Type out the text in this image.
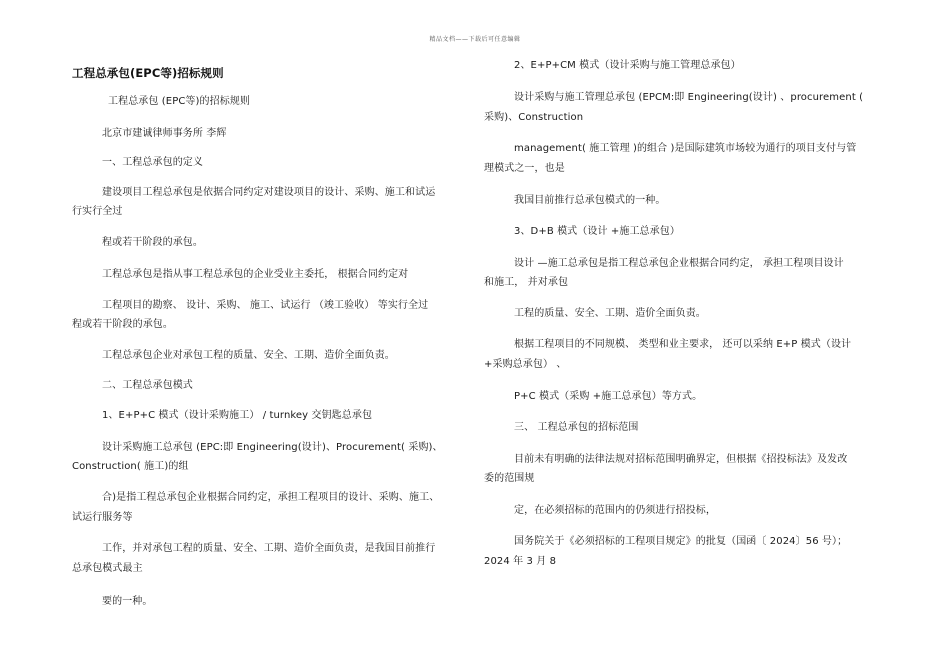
精品文档——下载后可任意编辑
工程总承包(EPC等)招标规则
工程总承包 (EPC等)的招标规则
北京市建诚律师事务所 李辉
一、工程总承包的定义
建设项目工程总承包是依据合同约定对建设项目的设计、采购、施工和试运
行实行全过
程或若干阶段的承包。
工程总承包是指从事工程总承包的企业受业主委托， 根据合同约定对
工程项目的勘察、 设计、采购、 施工、试运行 （竣工验收） 等实行全过
程或若干阶段的承包。
工程总承包企业对承包工程的质量、安全、工期、造价全面负责。
二、工程总承包模式
1、E+P+C 模式（设计采购施工） / turnkey 交钥匙总承包
设计采购施工总承包 (EPC:即 Engineering(设计)、Procurement( 采购)、
Construction( 施工)的组
合)是指工程总承包企业根据合同约定，承担工程项目的设计、采购、施工、
试运行服务等
工作，并对承包工程的质量、安全、工期、造价全面负责，是我国目前推行
总承包模式最主
要的一种。
2、E+P+CM 模式（设计采购与施工管理总承包）
设计采购与施工管理总承包 (EPCM:即 Engineering(设计) 、procurement (
采购)、Construction
management( 施工管理 )的组合 )是国际建筑市场较为通行的项目支付与管
理模式之一，也是
我国目前推行总承包模式的一种。
3、D+B 模式（设计 +施工总承包）
设计 —施工总承包是指工程总承包企业根据合同约定， 承担工程项目设计
和施工， 并对承包
工程的质量、安全、工期、造价全面负责。
根据工程项目的不同规模、 类型和业主要求， 还可以采纳 E+P 模式（设计
+采购总承包） 、
P+C 模式（采购 +施工总承包）等方式。
三、 工程总承包的招标范围
目前未有明确的法律法规对招标范围明确界定，但根据《招投标法》及发改
委的范围规
定，在必须招标的范围内的仍须进行招投标，
国务院关于《必须招标的工程项目规定》的批复（国函〔 2024〕56 号）；
2024 年 3 月 8
